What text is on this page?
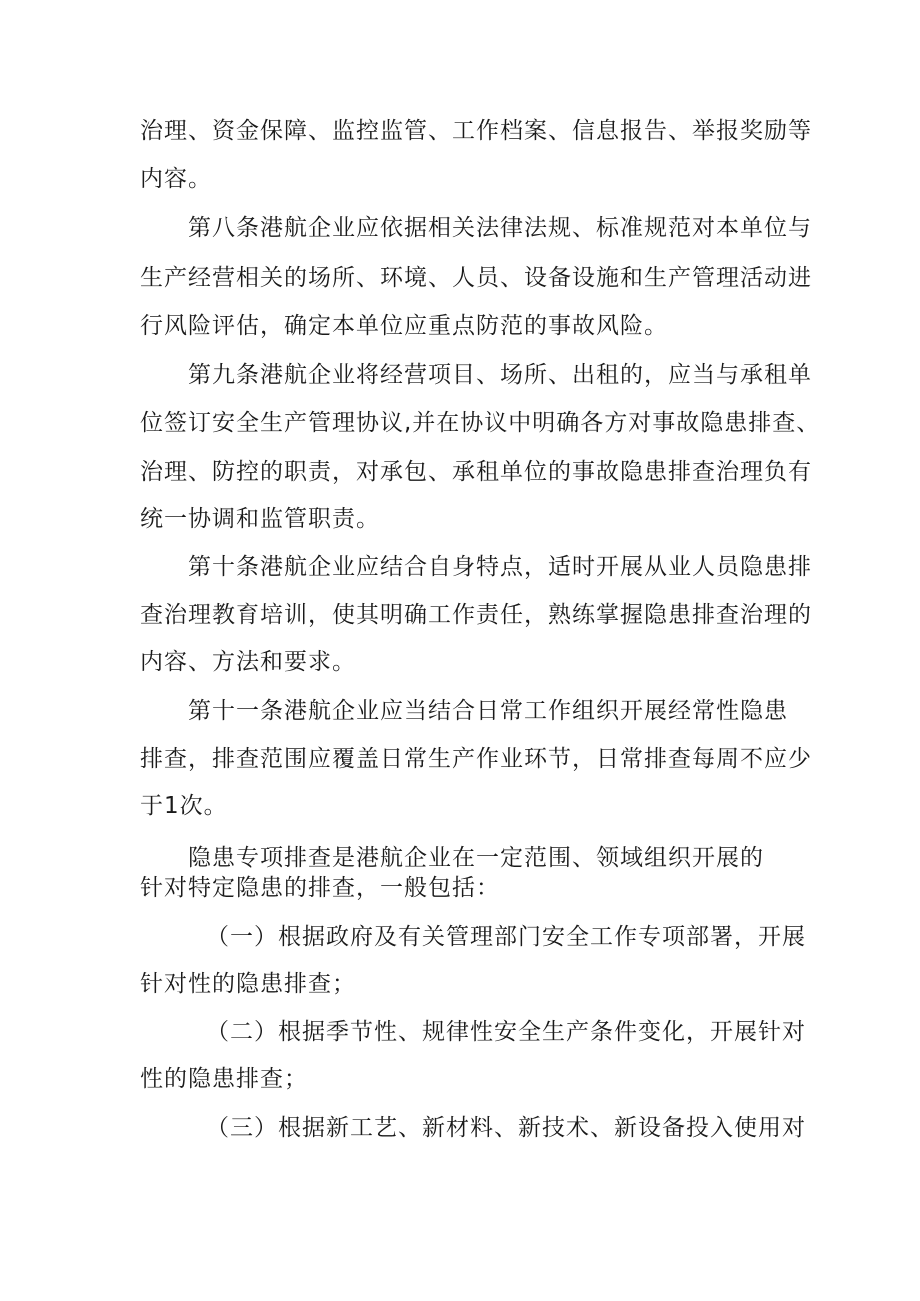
治理、资金保障、监控监管、工作档案、信息报告、举报奖励等
内容。
第八条港航企业应依据相关法律法规、标准规范对本单位与
生产经营相关的场所、环境、人员、设备设施和生产管理活动进
行风险评估，确定本单位应重点防范的事故风险。
第九条港航企业将经营项目、场所、出租的，应当与承租单
位签订安全生产管理协议,并在协议中明确各方对事故隐患排查、
治理、防控的职责，对承包、承租单位的事故隐患排查治理负有
统一协调和监管职责。
第十条港航企业应结合自身特点，适时开展从业人员隐患排
查治理教育培训，使其明确工作责任，熟练掌握隐患排查治理的
内容、方法和要求。
第十一条港航企业应当结合日常工作组织开展经常性隐患
排查，排查范围应覆盖日常生产作业环节，日常排查每周不应少
于1次。
隐患专项排查是港航企业在一定范围、领域组织开展的
针对特定隐患的排查，一般包括：
（一）根据政府及有关管理部门安全工作专项部署，开展
针对性的隐患排查；
（二）根据季节性、规律性安全生产条件变化，开展针对
性的隐患排查；
（三）根据新工艺、新材料、新技术、新设备投入使用对
